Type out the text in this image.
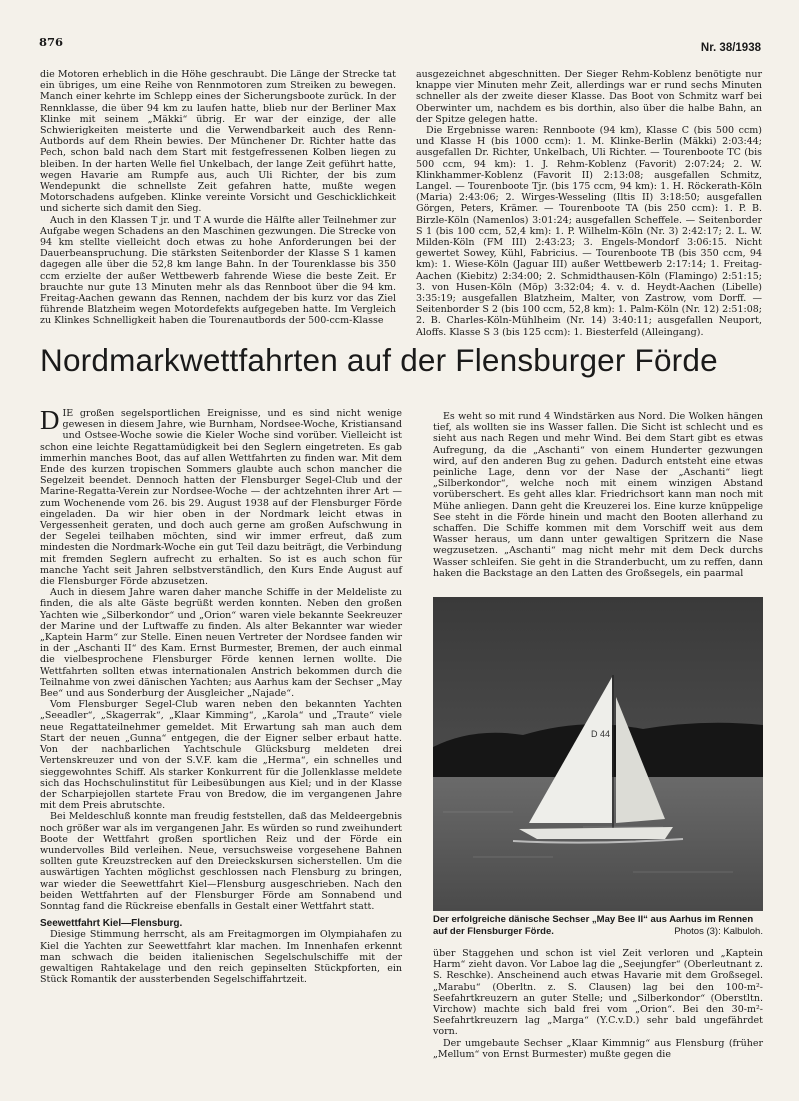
876	Nr. 38/1938

die Motoren erheblich in die Höhe geschraubt. Die Länge der Strecke tat ein übriges, um eine Reihe von Rennmotoren zum Streiken zu bewegen. Manch einer kehrte im Schlepp eines der Sicherungsboote zurück. In der Rennklasse, die über 94 km zu laufen hatte, blieb nur der Berliner Max Klinke mit seinem „Mäkki“ übrig. Er war der einzige, der alle Schwierigkeiten meisterte und die Verwendbarkeit auch des Renn-Autbords auf dem Rhein bewies. Der Münchener Dr. Richter hatte das Pech, schon bald nach dem Start mit festgefressenen Kolben liegen zu bleiben. In der harten Welle fiel Unkelbach, der lange Zeit geführt hatte, wegen Havarie am Rumpfe aus, auch Uli Richter, der bis zum Wendepunkt die schnellste Zeit gefahren hatte, mußte wegen Motorschadens aufgeben. Klinke vereinte Vorsicht und Geschicklichkeit und sicherte sich damit den Sieg.

Auch in den Klassen T jr. und T A wurde die Hälfte aller Teilnehmer zur Aufgabe wegen Schadens an den Maschinen gezwungen. Die Strecke von 94 km stellte vielleicht doch etwas zu hohe Anforderungen bei der Dauerbeanspruchung. Die stärksten Seitenborder der Klasse S 1 kamen dagegen alle über die 52,8 km lange Bahn. In der Tourenklasse bis 350 ccm erzielte der außer Wettbewerb fahrende Wiese die beste Zeit. Er brauchte nur gute 13 Minuten mehr als das Rennboot über die 94 km. Freitag-Aachen gewann das Rennen, nachdem der bis kurz vor das Ziel führende Blatzheim wegen Motordefekts aufgegeben hatte. Im Vergleich zu Klinkes Schnelligkeit haben die Tourenautbords der 500-ccm-Klasse

ausgezeichnet abgeschnitten. Der Sieger Rehm-Koblenz benötigte nur knappe vier Minuten mehr Zeit, allerdings war er rund sechs Minuten schneller als der zweite dieser Klasse. Das Boot von Schmitz warf bei Oberwinter um, nachdem es bis dorthin, also über die halbe Bahn, an der Spitze gelegen hatte.

Die Ergebnisse waren: Rennboote (94 km), Klasse C (bis 500 ccm) und Klasse H (bis 1000 ccm): 1. M. Klinke-Berlin (Mäkki) 2:03:44; ausgefallen Dr. Richter, Unkelbach, Uli Richter. — Tourenboote TC (bis 500 ccm, 94 km): 1. J. Rehm-Koblenz (Favorit) 2:07:24; 2. W. Klinkhammer-Koblenz (Favorit II) 2:13:08; ausgefallen Schmitz, Langel. — Tourenboote Tjr. (bis 175 ccm, 94 km): 1. H. Röckerath-Köln (Maria) 2:43:06; 2. Wirges-Wesseling (Iltis II) 3:18:50; ausgefallen Görgen, Peters, Krämer. — Tourenboote TA (bis 250 ccm): 1. P. B. Birzle-Köln (Namenlos) 3:01:24; ausgefallen Scheffele. — Seitenborder S 1 (bis 100 ccm, 52,4 km): 1. P. Wilhelm-Köln (Nr. 3) 2:42:17; 2. L. W. Milden-Köln (FM III) 2:43:23; 3. Engels-Mondorf 3:06:15. Nicht gewertet Sowey, Kühl, Fabricius. — Tourenboote TB (bis 350 ccm, 94 km): 1. Wiese-Köln (Jaguar III) außer Wettbewerb 2:17:14; 1. Freitag-Aachen (Kiebitz) 2:34:00; 2. Schmidthausen-Köln (Flamingo) 2:51:15; 3. von Husen-Köln (Möp) 3:32:04; 4. v. d. Heydt-Aachen (Libelle) 3:35:19; ausgefallen Blatzheim, Malter, von Zastrow, vom Dorff. — Seitenborder S 2 (bis 100 ccm, 52,8 km): 1. Palm-Köln (Nr. 12) 2:51:08; 2. B. Charles-Köln-Mühlheim (Nr. 14) 3:40:11; ausgefallen Neuport, Aloffs. Klasse S 3 (bis 125 ccm): 1. Biesterfeld (Alleingang).

Nordmarkwettfahrten auf der Flensburger Förde

DIE großen segelsportlichen Ereignisse, und es sind nicht wenige gewesen in diesem Jahre, wie Burnham, Nordsee-Woche, Kristiansand und Ostsee-Woche sowie die Kieler Woche sind vorüber. Vielleicht ist schon eine leichte Regattamüdigkeit bei den Seglern eingetreten. Es gab immerhin manches Boot, das auf allen Wettfahrten zu finden war. Mit dem Ende des kurzen tropischen Sommers glaubte auch schon mancher die Segelzeit beendet. Dennoch hatten der Flensburger Segel-Club und der Marine-Regatta-Verein zur Nordsee-Woche — der achtzehnten ihrer Art — zum Wochenende vom 26. bis 29. August 1938 auf der Flensburger Förde eingeladen. Da wir hier oben in der Nordmark leicht etwas in Vergessenheit geraten, und doch auch gerne am großen Aufschwung in der Segelei teilhaben möchten, sind wir immer erfreut, daß zum mindesten die Nordmark-Woche ein gut Teil dazu beiträgt, die Verbindung mit fremden Seglern aufrecht zu erhalten. So ist es auch schon für manche Yacht seit Jahren selbstverständlich, den Kurs Ende August auf die Flensburger Förde abzusetzen.

Auch in diesem Jahre waren daher manche Schiffe in der Meldeliste zu finden, die als alte Gäste begrüßt werden konnten. Neben den großen Yachten wie „Silberkondor“ und „Orion“ waren viele bekannte Seekreuzer der Marine und der Luftwaffe zu finden. Als alter Bekannter war wieder „Kaptein Harm“ zur Stelle. Einen neuen Vertreter der Nordsee fanden wir in der „Aschanti II“ des Kam. Ernst Burmester, Bremen, der auch einmal die vielbesprochene Flensburger Förde kennen lernen wollte. Die Wettfahrten sollten etwas internationalen Anstrich bekommen durch die Teilnahme von zwei dänischen Yachten; aus Aarhus kam der Sechser „May Bee“ und aus Sonderburg der Ausgleicher „Najade“.

Vom Flensburger Segel-Club waren neben den bekannten Yachten „Seeadler“, „Skagerrak“, „Klaar Kimming“, „Karola“ und „Traute“ viele neue Regattateilnehmer gemeldet. Mit Erwartung sah man auch dem Start der neuen „Gunna“ entgegen, die der Eigner selber erbaut hatte. Von der nachbarlichen Yachtschule Glücksburg meldeten drei Vertenskreuzer und von der S.V.F. kam die „Herma“, ein schnelles und sieggewohntes Schiff. Als starker Konkurrent für die Jollenklasse meldete sich das Hochschulinstitut für Leibesübungen aus Kiel; und in der Klasse der Scharpiejollen startete Frau von Bredow, die im vergangenen Jahre mit dem Preis abrutschte.

Bei Meldeschluß konnte man freudig feststellen, daß das Meldeergebnis noch größer war als im vergangenen Jahr. Es würden so rund zweihundert Boote der Wettfahrt großen sportlichen Reiz und der Förde ein wundervolles Bild verleihen. Neue, versuchsweise vorgesehene Bahnen sollten gute Kreuzstrecken auf den Dreieckskursen sicherstellen. Um die auswärtigen Yachten möglichst geschlossen nach Flensburg zu bringen, war wieder die Seewettfahrt Kiel—Flensburg ausgeschrieben. Nach den beiden Wettfahrten auf der Flensburger Förde am Sonnabend und Sonntag fand die Rückreise ebenfalls in Gestalt einer Wettfahrt statt.

Seewettfahrt Kiel—Flensburg.

Diesige Stimmung herrscht, als am Freitagmorgen im Olympiahafen zu Kiel die Yachten zur Seewettfahrt klar machen. Im Innenhafen erkennt man schwach die beiden italienischen Segelschulschiffe mit der gewaltigen Rahtakelage und den reich gepinselten Stückpforten, ein Stück Romantik der aussterbenden Segelschiffahrtzeit.

Es weht so mit rund 4 Windstärken aus Nord. Die Wolken hängen tief, als wollten sie ins Wasser fallen. Die Sicht ist schlecht und es sieht aus nach Regen und mehr Wind. Bei dem Start gibt es etwas Aufregung, da die „Aschanti“ von einem Hunderter gezwungen wird, auf den anderen Bug zu gehen. Dadurch entsteht eine etwas peinliche Lage, denn vor der Nase der „Aschanti“ liegt „Silberkondor“, welche noch mit einem winzigen Abstand vorüberschert. Es geht alles klar. Friedrichsort kann man noch mit Mühe anliegen. Dann geht die Kreuzerei los. Eine kurze knüppelige See steht in die Förde hinein und macht den Booten allerhand zu schaffen. Die Schiffe kommen mit dem Vorschiff weit aus dem Wasser heraus, um dann unter gewaltigen Spritzern die Nase wegzusetzen. „Aschanti“ mag nicht mehr mit dem Deck durchs Wasser schleifen. Sie geht in die Stranderbucht, um zu reffen, dann haken die Backstage an den Latten des Großsegels, ein paarmal

D 44
Der erfolgreiche dänische Sechser „May Bee II“ aus Aarhus im Rennen auf der Flensburger Förde.	Photos (3): Kalbuloh.

über Staggehen und schon ist viel Zeit verloren und „Kaptein Harm“ zieht davon. Vor Laboe lag die „Seejungfer“ (Oberleutnant z. S. Reschke). Anscheinend auch etwas Havarie mit dem Großsegel. „Marabu“ (Oberltn. z. S. Clausen) lag bei den 100-m²-Seefahrtkreuzern an guter Stelle; und „Silberkondor“ (Oberstltn. Virchow) machte sich bald frei vom „Orion“. Bei den 30-m²-Seefahrtkreuzern lag „Marga“ (Y.C.v.D.) sehr bald ungefährdet vorn.

Der umgebaute Sechser „Klaar Kimmnig“ aus Flensburg (früher „Mellum“ von Ernst Burmester) mußte gegen die
